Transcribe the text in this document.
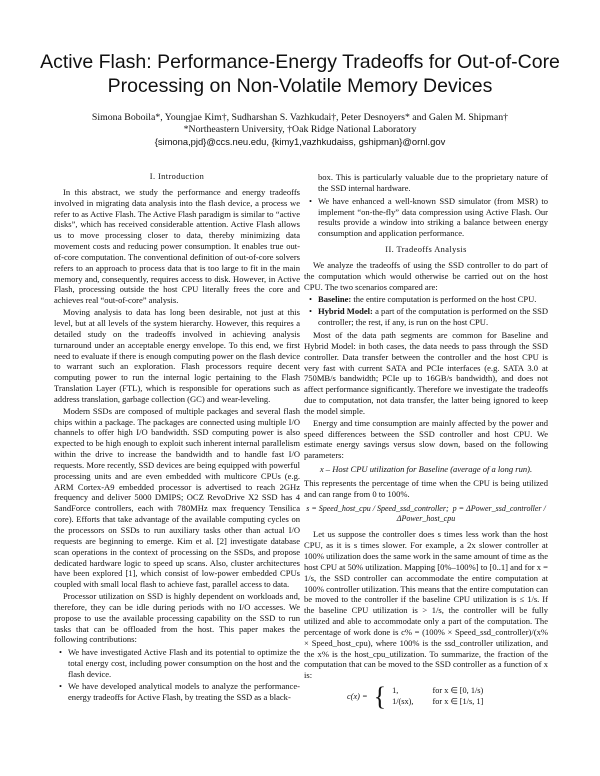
Active Flash: Performance-Energy Tradeoffs for Out-of-Core Processing on Non-Volatile Memory Devices
Simona Boboila*, Youngjae Kim†, Sudharshan S. Vazhkudai†, Peter Desnoyers* and Galen M. Shipman†
*Northeastern University, †Oak Ridge National Laboratory
{simona,pjd}@ccs.neu.edu, {kimy1,vazhkudaiss, gshipman}@ornl.gov
I. Introduction

In this abstract, we study the performance and energy tradeoffs involved in migrating data analysis into the flash device, a process we refer to as Active Flash. The Active Flash paradigm is similar to “active disks”, which has received considerable attention. Active Flash allows us to move processing closer to data, thereby minimizing data movement costs and reducing power consumption. It enables true out-of-core computation. The conventional definition of out-of-core solvers refers to an approach to process data that is too large to fit in the main memory and, consequently, requires access to disk. However, in Active Flash, processing outside the host CPU literally frees the core and achieves real “out-of-core” analysis.

Moving analysis to data has long been desirable, not just at this level, but at all levels of the system hierarchy. However, this requires a detailed study on the tradeoffs involved in achieving analysis turnaround under an acceptable energy envelope. To this end, we first need to evaluate if there is enough computing power on the flash device to warrant such an exploration. Flash processors require decent computing power to run the internal logic pertaining to the Flash Translation Layer (FTL), which is responsible for operations such as address translation, garbage collection (GC) and wear-leveling.

Modern SSDs are composed of multiple packages and several flash chips within a package. The packages are connected using multiple I/O channels to offer high I/O bandwidth. SSD computing power is also expected to be high enough to exploit such inherent internal parallelism within the drive to increase the bandwidth and to handle fast I/O requests. More recently, SSD devices are being equipped with powerful processing units and are even embedded with multicore CPUs (e.g. ARM Cortex-A9 embedded processor is advertised to reach 2GHz frequency and deliver 5000 DMIPS; OCZ RevoDrive X2 SSD has 4 SandForce controllers, each with 780MHz max frequency Tensilica core). Efforts that take advantage of the available computing cycles on the processors on SSDs to run auxiliary tasks other than actual I/O requests are beginning to emerge. Kim et al. [2] investigate database scan operations in the context of processing on the SSDs, and propose dedicated hardware logic to speed up scans. Also, cluster architectures have been explored [1], which consist of low-power embedded CPUs coupled with small local flash to achieve fast, parallel access to data.

Processor utilization on SSD is highly dependent on workloads and, therefore, they can be idle during periods with no I/O accesses. We propose to use the available processing capability on the SSD to run tasks that can be offloaded from the host. This paper makes the following contributions:

• We have investigated Active Flash and its potential to optimize the total energy cost, including power consumption on the host and the flash device.
• We have developed analytical models to analyze the performance-energy tradeoffs for Active Flash, by treating the SSD as a black-

box. This is particularly valuable due to the proprietary nature of the SSD internal hardware.

• We have enhanced a well-known SSD simulator (from MSR) to implement “on-the-fly” data compression using Active Flash. Our results provide a window into striking a balance between energy consumption and application performance.
II. Tradeoffs Analysis

We analyze the tradeoffs of using the SSD controller to do part of the computation which would otherwise be carried out on the host CPU. The two scenarios compared are:

• Baseline: the entire computation is performed on the host CPU.
• Hybrid Model: a part of the computation is performed on the SSD controller; the rest, if any, is run on the host CPU.

Most of the data path segments are common for Baseline and Hybrid Model: in both cases, the data needs to pass through the SSD controller. Data transfer between the controller and the host CPU is very fast with current SATA and PCIe interfaces (e.g. SATA 3.0 at 750MB/s bandwidth; PCIe up to 16GB/s bandwidth), and does not affect performance significantly. Therefore we investigate the tradeoffs due to computation, not data transfer, the latter being ignored to keep the model simple.

Energy and time consumption are mainly affected by the power and speed differences between the SSD controller and host CPU. We estimate energy savings versus slow down, based on the following parameters:

x – Host CPU utilization for Baseline (average of a long run).

This represents the percentage of time when the CPU is being utilized and can range from 0 to 100%.

s = Speed_host_cpu / Speed_ssd_controller;  p = ΔPower_ssd_controller / ΔPower_host_cpu

Let us suppose the controller does s times less work than the host CPU, as it is s times slower. For example, a 2x slower controller at 100% utilization does the same work in the same amount of time as the host CPU at 50% utilization. Mapping [0%–100%] to [0..1] and for x = 1/s, the SSD controller can accommodate the entire computation at 100% controller utilization. This means that the entire computation can be moved to the controller if the baseline CPU utilization is ≤ 1/s. If the baseline CPU utilization is > 1/s, the controller will be fully utilized and able to accommodate only a part of the computation. The percentage of work done is c% = (100% × Speed_ssd_controller)/(x% × Speed_host_cpu), where 100% is the ssd_controller utilization, and the x% is the host_cpu_utilization. To summarize, the fraction of the computation that can be moved to the SSD controller as a function of x is:

c(x) =	{	1,	for x ∈ [0, 1/s)
		1/(sx),	for x ∈ [1/s, 1]
